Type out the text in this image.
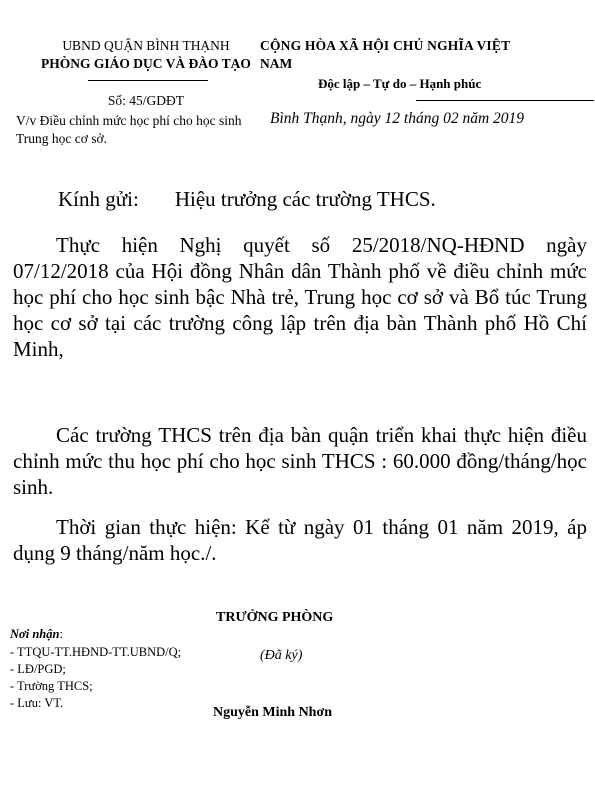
UBND QUẬN BÌNH THẠNH
PHÒNG GIÁO DỤC VÀ ĐÀO TẠO
Số: 45/GDĐT
V/v Điều chỉnh mức học phí cho học sinh Trung học cơ sở.
CỘNG HÒA XÃ HỘI CHỦ NGHĨA VIỆT
NAM
Độc lập – Tự do – Hạnh phúc
Bình Thạnh, ngày 12 tháng 02 năm 2019
Kính gửi: Hiệu trưởng các trường THCS.

Thực hiện Nghị quyết số 25/2018/NQ-HĐND ngày 07/12/2018 của Hội đồng Nhân dân Thành phố về điều chỉnh mức học phí cho học sinh bậc Nhà trẻ, Trung học cơ sở và Bổ túc Trung học cơ sở tại các trường công lập trên địa bàn Thành phố Hồ Chí Minh,

Các trường THCS trên địa bàn quận triển khai thực hiện điều chỉnh mức thu học phí cho học sinh THCS : 60.000 đồng/tháng/học sinh.

Thời gian thực hiện: Kể từ ngày 01 tháng 01 năm 2019, áp dụng 9 tháng/năm học./.

TRƯỞNG PHÒNG
(Đã ký)
Nguyễn Minh Nhơn
Nơi nhận:
- TTQU-TT.HĐND-TT.UBND/Q;
- LĐ/PGD;
- Trường THCS;
- Lưu: VT.
